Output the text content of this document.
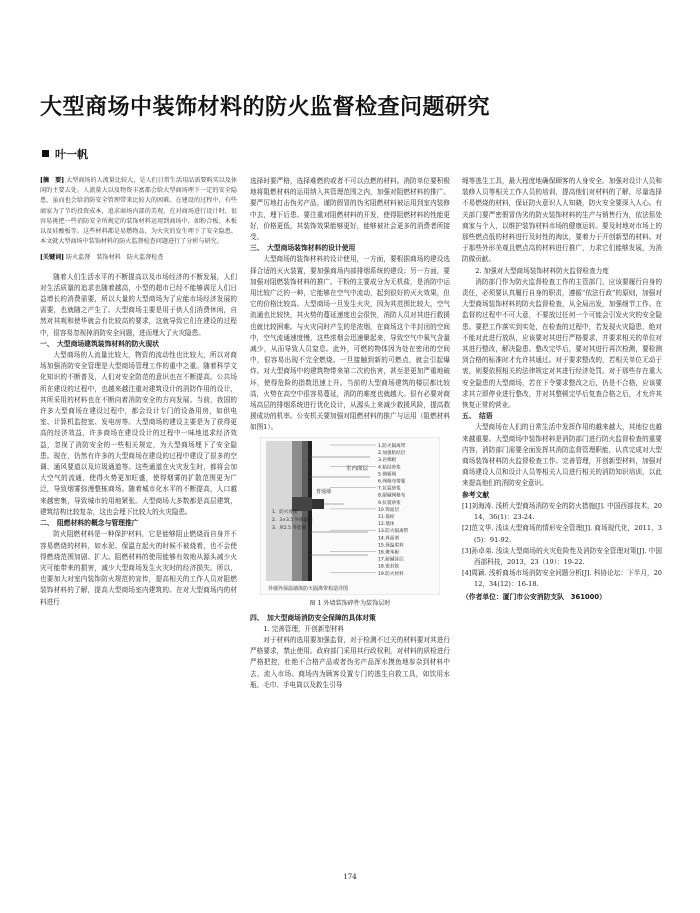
大型商场中装饰材料的防火监督检查问题研究
叶一帆
[摘　要] 大型商场的人流量比较大，是人们日常生活用品需要购买以及休闲的主要去处。人流量大以及物资丰富都会给大型商场埋下一定的安全隐患，虽而也会给消防安全管理带来比较大的困难。在建设的过程中，有些商家为了节约投资成本，追求商场内部的美观，在对商场进行设计时，很容易挑把一些消防安全所规定的装饰材料运用到商场中，如粉合板、木板以及硅酸板等。这些材料都是易燃物品，为火灾的发生埋下了安全隐患。本文就大型商场中装饰材料的防火监督检查问题进行了分析与研究。
[关键词] 防火监督　装饰材料　防火监督检查

随着人们生活水平的不断提高以及市场经济的不断发展，人们对生活质量的追求也随着越高，小型的超市已经不能够满足人们日益增长的消费需要，所以大量的大型商场为了应能市场经济发展的需要，也就随之产生了。大型商场主要是用于供人们消费休闲，自然对其观和使华就会有比较高的要求，这就导致它们在建设的过程中，很容易忽视掉消防安全问题，进而埋大了火灾隐患。

一、　大型商场建筑装饰材料的防火现状

大型商场的人流量比较大，物资的流动性也比较大，所以对商场加强消防安全管理是大型商场管理工作的重中之重。随着科学文化知识的不断普及，人们对安全防范的意识也在不断提高。公共场所在建设的过程中，也越来越注重对建筑设计的消防作用的设计，其所采用的材料也在不断向着消防安全的方向发展。当前，我国的许多大型商场在建设过程中，都会设计专门的设备用房，如供电室、计算机监控室、发电房等。大型商场的建设主要是为了获得更高的经济效益，许多商场在建设设计的过程中一味地追求经济效益，忽视了消防安全的一些相关规定，为大型商场埋下了安全隐患。现在，仍然有许多的大型商场在建设的过程中建设了很多的空调、通风要道以及垃圾通道等。这些通道在火灾发生时，都将会加大空气的流通，使得火势更加旺盛，使得烟雾的扩散范围更为广泛，导致烟雾弥漫整栋商场。随着城市化水平的不断提高，人口越来越密集，导致城市的用地紧张。大型商场大多数都是高层建筑，建筑结构比较复杂，这也会埋下比较大的火灾隐患。

二、　阻燃材料的概念与管理推广

防火阻燃材料是一种保护材料，它是能够阻止燃烧而自身并不容易燃烧的材料，如水泥、保温在起火的时候不被烧着，也不会使得燃烧范围加剧、扩大。阻燃材料的使用能够有效地从源头减少火灾可能带来的损害，减少大型商场发生火灾时的经济损失。所以，也要加大对室内装饰防火规范的宣传，提高相关的工作人员对阻燃装饰材料的了解，提高大型商场室内建筑的。在对大型商场内的材料进行

选择时要严格，选择难燃的或者不可以点燃的材料。消防单位要积极地将阻燃材料的运用纳入其管理范围之内，加强对阻燃材料的推广。要严厉地打击伪劣产品，谨防假冒的伪劣阻燃材料被运用到室内装修中去，埋下后患。要注重对阻燃材料的开发，使得阻燃材料的性能更好，价格更低，其装饰效果能够更好，能够被社会更多的消费者所接受。

三、　大型商场装饰材料的设计使用

大型商场的装饰材料的设计使用，一方面，要根据商场的建设选择合适的灭火装置，要加强商场内部排烟系统的建设；另一方面，要加强对阻燃装饰材料的推广。干粉的主要成分为无机盐，是消防中运用比较广泛的一种，它能够在空气中流动，起到很好的灭火效果，但它的价格比较高。大型商场一旦发生火灾，因为其范围比较大，空气流通也比较快，其火势的蔓延速度也会很快，消防人员对其进行救援也就比较困难。与火灾同时产生的是浓烟，在商场这个半封闭的空间中，空气流通速度慢，这些浓烟会迅速聚起来，导致空气中氧气含量减少，从而导致人员窒息。此外，可燃的物体因为处在密闭的空间中，很容易出现不完全燃烧。一旦接触到新的可燃点，就会引起爆炸。对大型商场中的建筑物带来第二次的伤害，甚至是更加严重地破坏，使得危险的指数迅速上升。当前的大型商场建筑的楼层都比较高，火势在高空中很容易蔓延，消防的难度也就越大。很有必要对商场高层的排烟系统进行优化设计，从源头上来减少救援风险，提高救援成功的机率。公安机关要加强对阻燃材料的推广与运用（阻燃材料如图1）。

室内面层
普通墙
1．防火处理
2．3×3.5 外保温层
3．厚2.5 外装修
1.防火隔离带
2.加强粘结层
3.岩棉板
4.粘结砂浆
5.钢板网
6.网格布增强
7.抗裂砂浆
8.耐碱网格布
9.抗裂砂浆
10.饰面层
11.锚栓
12.墙体
13.防火隔离带
14.界面剂
15.保温浆料
16.聚苯板
17.耐碱涂层
18.密封胶
19.防火材料
外墙外保温墙体防火隔离带构造详图

图 1 外墙装饰碎件为装饰层时

四、　加大型商场消防安全保障的具体对策

1. 完善管理，开创新型材料

对于材料的选用要加强监督，对于检测不过关的材料要对其进行严格要求，禁止使用。政府部门采用其行政权利，对材料的质检进行严格把控，杜绝不合格产品或者伪劣产品浑水摸鱼地参杂到材料中去，流入市场。商场内为顾客设置专门的逃生自救工具，如饮用水瓶、毛巾、手电筒以及救生引导

绳等逃生工具，最大程度地确保顾客的人身安全。加强对设计人员和装修人员等相关工作人员的培训，提高他们对材料的了解，尽量选择不易燃烧的材料，保证防火意识人人知晓，防火安全要深入人心。有关部门要严密假冒伪劣的防火装饰材料的生产与销售行为，依法惩处商家与个人，以维护装饰材料市场的健康运转。要及时地对市场上的那些燃点低的材料进行及时性的淘汰，要着力于开创新型的材料。对于那些外形美观且燃点高的材料进行推广，力求它们能够发展，为消防做贡献。

2. 加强对大型商场装饰材料防火监督检查力度

消防部门作为防火监督检查工作的主管部门，应该要履行自身的责任，必须要认真履行自身的职责，遵循“依法行政”的原则，加强对大型商场装饰材料的防火监督检查，从全局出发，加强细节工作。在监督的过程中不可大意，不要放过任何一个可能会引发火灾的安全隐患。要把工作落实到实处，在检查的过程中，若发现火灾隐患，绝对不能对此进行放纵，应该要对其进行严格要求，并要求相关的单位对其进行整改，解决隐患。整改完毕后，要对其进行再次检测，要检测到合格的标准时才允许其通过。对于要求整改的，若相关单位无动于衷，则要依照相关的法律规定对其进行经济处罚。对于那些存在重大安全隐患的大型商场，若在下令要求整改之后，仍是不合格，应该要求其立即停业进行整改，并对其整顿完毕后复查合格之后，才允许其恢复正常的营业。

五、　结语

大型商场在人们的日常生活中发挥作用的越来越大，其地位也越来越重要。大型商场中装饰材料是消防部门进行防火监督检查的重要内容，消防部门需要全面发挥其消防监督管理职能，认真完成对大型商场装饰材料防火监督检查工作。完善管理，开创新型材料，加强对商场建设人员和设计人员等相关人员进行相关的消防知识培训，以此来提高他们的消防安全意识。

参考文献
[1]刘海涛. 浅析大型商场消防安全的防火措施[J]. 中国西部技术，2014，36(1)：23-24.
[2]范文华. 浅谈大型商场的情形安全管理[J]. 商场现代化，2011，3(5)：91-92.
[3]孙卓弟. 浅谈大型商场的火灾危险性及消防安全管理对策[J]. 中国西部科技，2013，23（19）：19-22.
[4]周颖. 浅析商场市场消防安全问题分析[J]. 科协论坛：下半月，2012，34(12)：16-18.
（作者单位：厦门市公安消防支队　361000）
174
